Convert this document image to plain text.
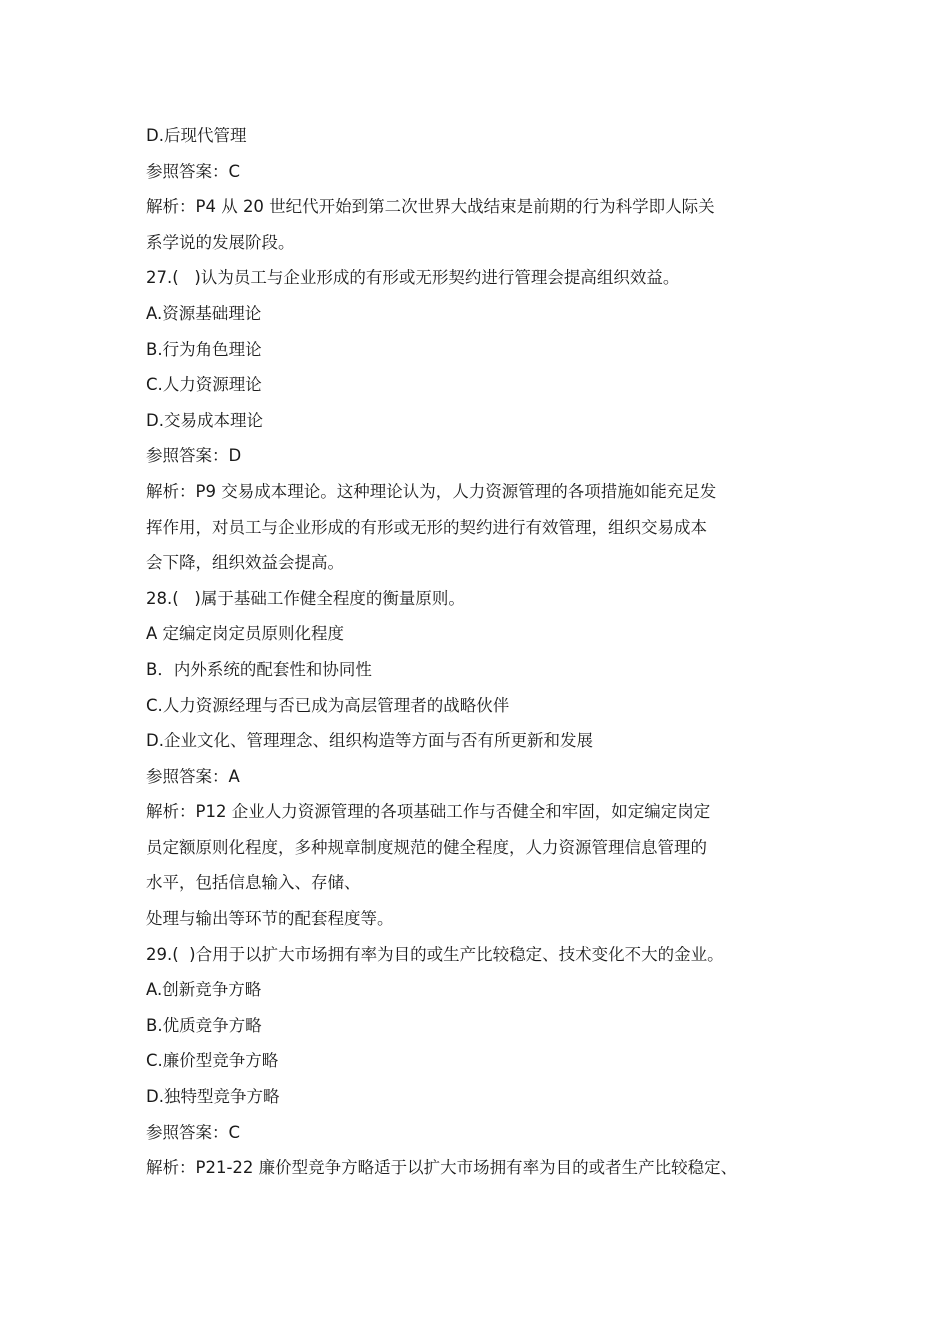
D.后现代管理
参照答案：C
解析：P4 从 20 世纪代开始到第二次世界大战结束是前期的行为科学即人际关
系学说的发展阶段。
27.(   )认为员工与企业形成的有形或无形契约进行管理会提高组织效益。
A.资源基础理论
B.行为角色理论
C.人力资源理论
D.交易成本理论
参照答案：D
解析：P9 交易成本理论。这种理论认为，人力资源管理的各项措施如能充足发
挥作用，对员工与企业形成的有形或无形的契约进行有效管理，组织交易成本
会下降，组织效益会提高。
28.(   )属于基础工作健全程度的衡量原则。
A 定编定岗定员原则化程度
B．内外系统的配套性和协同性
C.人力资源经理与否已成为高层管理者的战略伙伴
D.企业文化、管理理念、组织构造等方面与否有所更新和发展
参照答案：A
解析：P12 企业人力资源管理的各项基础工作与否健全和牢固，如定编定岗定
员定额原则化程度，多种规章制度规范的健全程度，人力资源管理信息管理的
水平，包括信息输入、存储、
处理与输出等环节的配套程度等。
29.(  )合用于以扩大市场拥有率为目的或生产比较稳定、技术变化不大的金业。
A.创新竞争方略
B.优质竞争方略
C.廉价型竞争方略
D.独特型竞争方略
参照答案：C
解析：P21-22 廉价型竞争方略适于以扩大市场拥有率为目的或者生产比较稳定、
